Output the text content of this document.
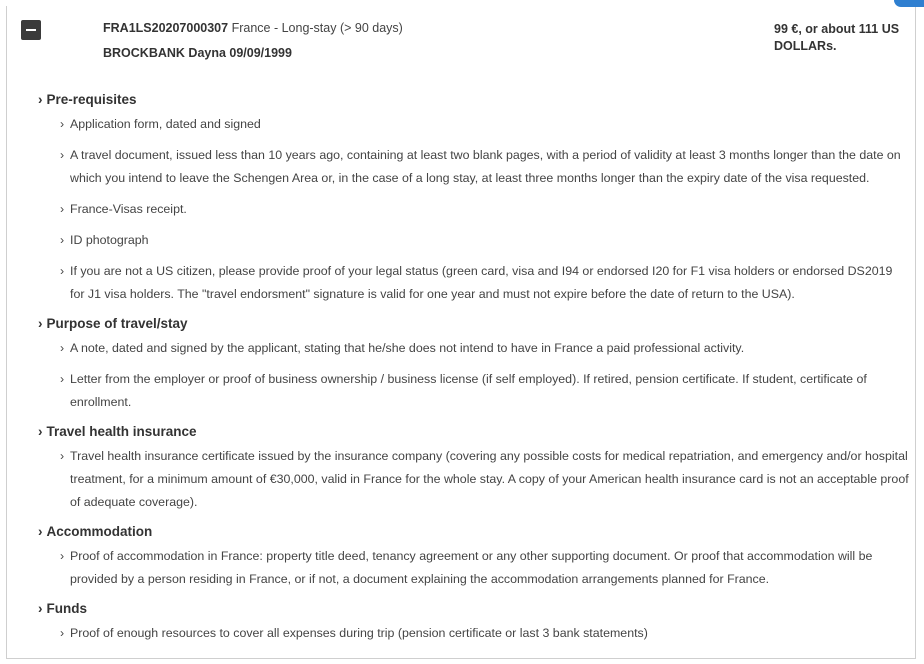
FRA1LS20207000307 France - Long-stay (> 90 days)
BROCKBANK Dayna 09/09/1999
99 €, or about 111 US DOLLARs.
› Pre-requisites
› Application form, dated and signed
› A travel document, issued less than 10 years ago, containing at least two blank pages, with a period of validity at least 3 months longer than the date on which you intend to leave the Schengen Area or, in the case of a long stay, at least three months longer than the expiry date of the visa requested.
› France-Visas receipt.
› ID photograph
› If you are not a US citizen, please provide proof of your legal status (green card, visa and I94 or endorsed I20 for F1 visa holders or endorsed DS2019 for J1 visa holders. The "travel endorsment" signature is valid for one year and must not expire before the date of return to the USA).
› Purpose of travel/stay
› A note, dated and signed by the applicant, stating that he/she does not intend to have in France a paid professional activity.
› Letter from the employer or proof of business ownership / business license (if self employed). If retired, pension certificate. If student, certificate of enrollment.
› Travel health insurance
› Travel health insurance certificate issued by the insurance company (covering any possible costs for medical repatriation, and emergency and/or hospital treatment, for a minimum amount of €30,000, valid in France for the whole stay. A copy of your American health insurance card is not an acceptable proof of adequate coverage).
› Accommodation
› Proof of accommodation in France: property title deed, tenancy agreement or any other supporting document. Or proof that accommodation will be provided by a person residing in France, or if not, a document explaining the accommodation arrangements planned for France.
› Funds
› Proof of enough resources to cover all expenses during trip (pension certificate or last 3 bank statements)
